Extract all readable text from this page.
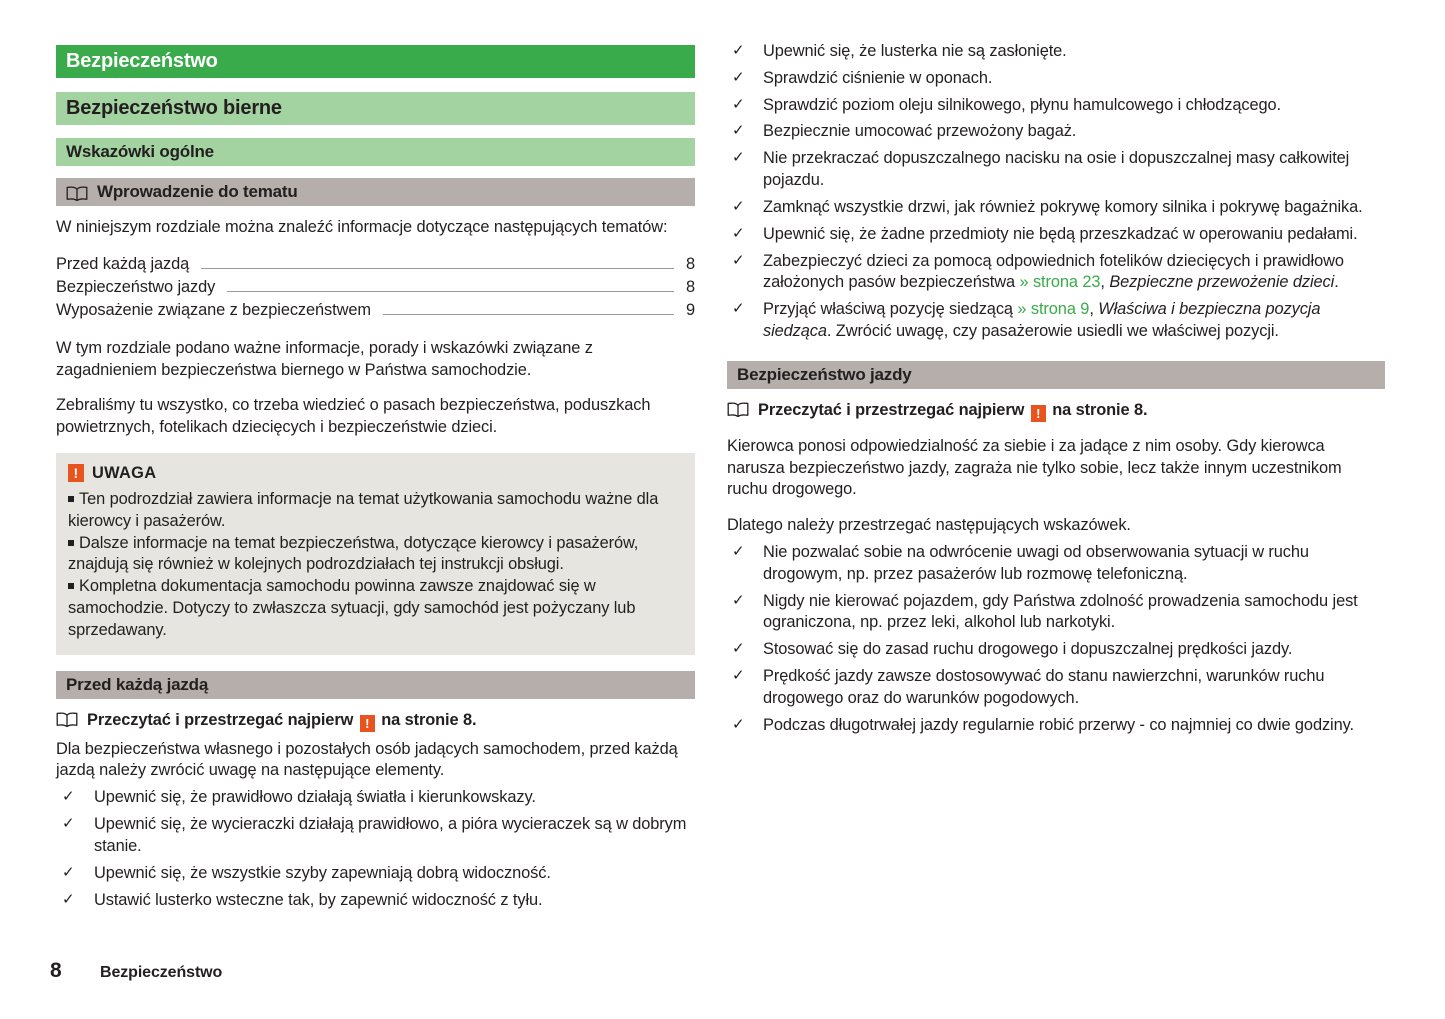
Bezpieczeństwo
Bezpieczeństwo bierne
Wskazówki ogólne
Wprowadzenie do tematu

W niniejszym rozdziale można znaleźć informacje dotyczące następujących tematów:

Przed każdą jazdą	8
Bezpieczeństwo jazdy	8
Wyposażenie związane z bezpieczeństwem	9

W tym rozdziale podano ważne informacje, porady i wskazówki związane z zagadnieniem bezpieczeństwa biernego w Państwa samochodzie.

Zebraliśmy tu wszystko, co trzeba wiedzieć o pasach bezpieczeństwa, poduszkach powietrznych, fotelikach dziecięcych i bezpieczeństwie dzieci.

! UWAGA

Ten podrozdział zawiera informacje na temat użytkowania samochodu ważne dla kierowcy i pasażerów.

Dalsze informacje na temat bezpieczeństwa, dotyczące kierowcy i pasażerów, znajdują się również w kolejnych podrozdziałach tej instrukcji obsługi.

Kompletna dokumentacja samochodu powinna zawsze znajdować się w samochodzie. Dotyczy to zwłaszcza sytuacji, gdy samochód jest pożyczany lub sprzedawany.

Przed każdą jazdą
Przeczytać i przestrzegać najpierw ! na stronie 8.

Dla bezpieczeństwa własnego i pozostałych osób jadących samochodem, przed każdą jazdą należy zwrócić uwagę na następujące elementy.

✓	Upewnić się, że prawidłowo działają światła i kierunkowskazy.
✓	Upewnić się, że wycieraczki działają prawidłowo, a pióra wycieraczek są w dobrym stanie.
✓	Upewnić się, że wszystkie szyby zapewniają dobrą widoczność.
✓	Ustawić lusterko wsteczne tak, by zapewnić widoczność z tyłu.
✓	Upewnić się, że lusterka nie są zasłonięte.
✓	Sprawdzić ciśnienie w oponach.
✓	Sprawdzić poziom oleju silnikowego, płynu hamulcowego i chłodzącego.
✓	Bezpiecznie umocować przewożony bagaż.
✓	Nie przekraczać dopuszczalnego nacisku na osie i dopuszczalnej masy całkowitej pojazdu.
✓	Zamknąć wszystkie drzwi, jak również pokrywę komory silnika i pokrywę bagażnika.
✓	Upewnić się, że żadne przedmioty nie będą przeszkadzać w operowaniu pedałami.
✓	Zabezpieczyć dzieci za pomocą odpowiednich fotelików dziecięcych i prawidłowo założonych pasów bezpieczeństwa » strona 23, Bezpieczne przewożenie dzieci.
✓	Przyjąć właściwą pozycję siedzącą » strona 9, Właściwa i bezpieczna pozycja siedząca. Zwrócić uwagę, czy pasażerowie usiedli we właściwej pozycji.
Bezpieczeństwo jazdy
Przeczytać i przestrzegać najpierw ! na stronie 8.

Kierowca ponosi odpowiedzialność za siebie i za jadące z nim osoby. Gdy kierowca narusza bezpieczeństwo jazdy, zagraża nie tylko sobie, lecz także innym uczestnikom ruchu drogowego.

Dlatego należy przestrzegać następujących wskazówek.

✓	Nie pozwalać sobie na odwrócenie uwagi od obserwowania sytuacji w ruchu drogowym, np. przez pasażerów lub rozmowę telefoniczną.
✓	Nigdy nie kierować pojazdem, gdy Państwa zdolność prowadzenia samochodu jest ograniczona, np. przez leki, alkohol lub narkotyki.
✓	Stosować się do zasad ruchu drogowego i dopuszczalnej prędkości jazdy.
✓	Prędkość jazdy zawsze dostosowywać do stanu nawierzchni, warunków ruchu drogowego oraz do warunków pogodowych.
✓	Podczas długotrwałej jazdy regularnie robić przerwy - co najmniej co dwie godziny.
8	Bezpieczeństwo
